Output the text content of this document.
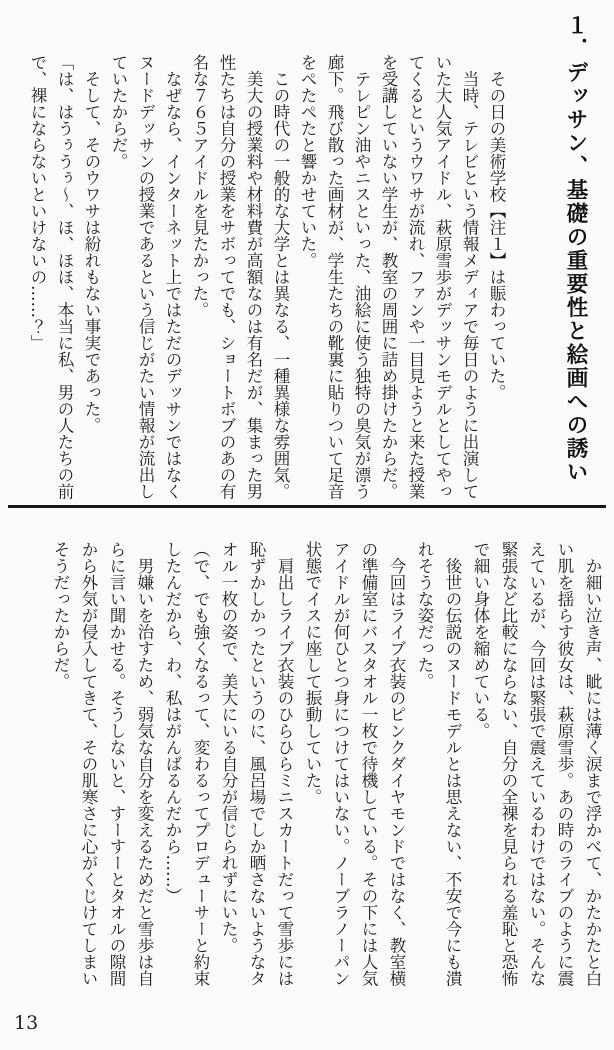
１．デッサン、基礎の重要性と絵画への誘い

　その日の美術学校【注１】は賑わっていた。

　当時、テレビという情報メディアで毎日のように出演していた大人気アイドル、萩原雪歩がデッサンモデルとしてやってくるというウワサが流れ、ファンや一目見ようと来た授業を受講していない学生が、教室の周囲に詰め掛けたからだ。

　テレピン油やニスといった、油絵に使う独特の臭気が漂う廊下。飛び散った画材が、学生たちの靴裏に貼りついて足音をぺたぺたと響かせていた。

　この時代の一般的な大学とは異なる、一種異様な雰囲気。

　美大の授業料や材料費が高額なのは有名だが、集まった男性たちは自分の授業をサボってでも、ショートボブのあの有名な７６５アイドルを見たかった。

　なぜなら、インターネット上ではただのデッサンではなくヌードデッサンの授業であるという信じがたい情報が流出していたからだ。

　そして、そのウワサは紛れもない事実であった。

「は、はうぅうぅ〜、ほ、ほほ、本当に私、男の人たちの前で、裸にならないといけないの……？」

　か細い泣き声、眦には薄く涙まで浮かべて、かたかたと白い肌を揺らす彼女は、萩原雪歩。あの時のライブのように震えているが、今回は緊張で震えているわけではない。そんな緊張など比較にならない、自分の全裸を見られる羞恥と恐怖で細い身体を縮めている。

　後世の伝説のヌードモデルとは思えない、不安で今にも潰れそうな姿だった。

　今回はライブ衣装のピンクダイヤモンドではなく、教室横の準備室にバスタオル一枚で待機している。その下には人気アイドルが何ひとつ身につけてはいない。ノーブラノーパン状態でイスに座して振動していた。

　肩出しライブ衣装のひらひらミニスカートだって雪歩には恥ずかしかったというのに、風呂場でしか晒さないようなタオル一枚の姿で、美大にいる自分が信じられずにいた。

（で、でも強くなるって、変わるってプロデューサーと約束したんだから、わ、私はがんばるんだから……）

　男嫌いを治すため、弱気な自分を変えるためだと雪歩は自らに言い聞かせる。そうしないと、すーすーとタオルの隙間から外気が侵入してきて、その肌寒さに心がくじけてしまいそうだったからだ。

13
